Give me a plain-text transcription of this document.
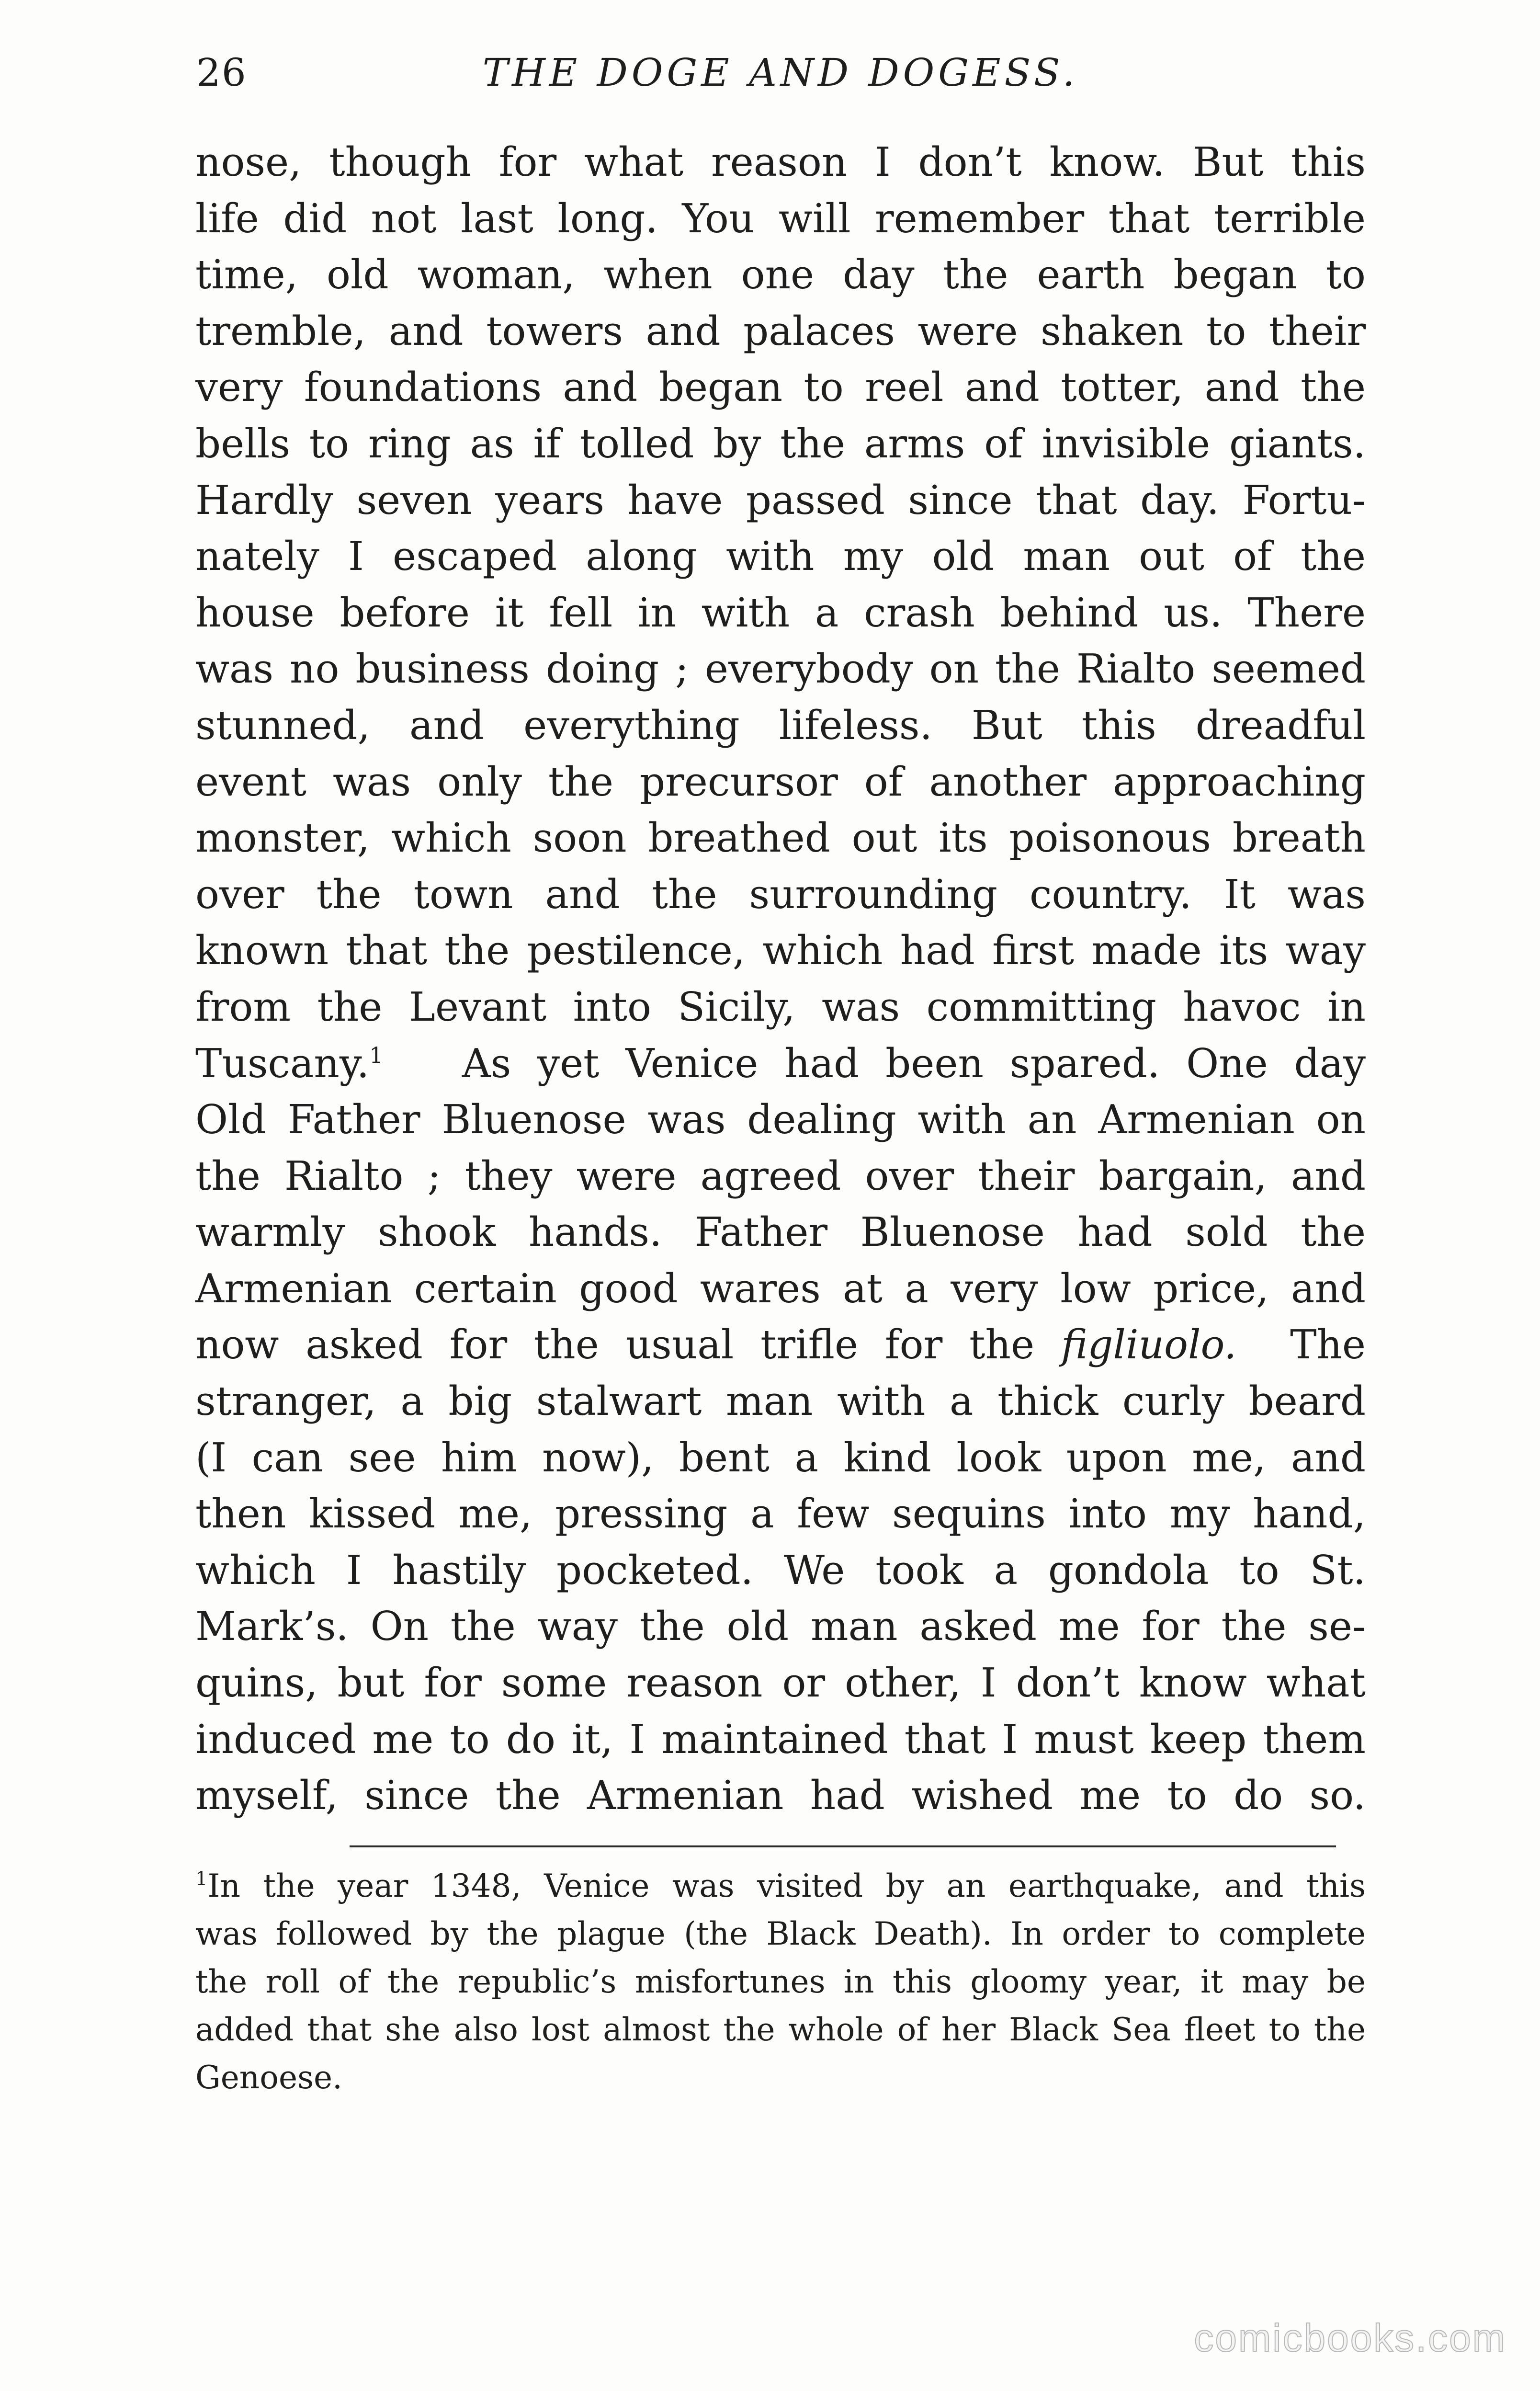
26	THE DOGE AND DOGESS.
nose, though for what reason I don’t know. But this
life did not last long. You will remember that terrible
time, old woman, when one day the earth began to
tremble, and towers and palaces were shaken to their
very foundations and began to reel and totter, and the
bells to ring as if tolled by the arms of invisible giants.
Hardly seven years have passed since that day. Fortu-
nately I escaped along with my old man out of the
house before it fell in with a crash behind us. There
was no business doing ; everybody on the Rialto seemed
stunned, and everything lifeless. But this dreadful
event was only the precursor of another approaching
monster, which soon breathed out its poisonous breath
over the town and the surrounding country. It was
known that the pestilence, which had first made its way
from the Levant into Sicily, was committing havoc in
Tuscany.$^1$ As yet Venice had been spared. One day
Old Father Bluenose was dealing with an Armenian on
the Rialto ; they were agreed over their bargain, and
warmly shook hands. Father Bluenose had sold the
Armenian certain good wares at a very low price, and
now asked for the usual trifle for the figliuolo. The
stranger, a big stalwart man with a thick curly beard
(I can see him now), bent a kind look upon me, and
then kissed me, pressing a few sequins into my hand,
which I hastily pocketed. We took a gondola to St.
Mark’s. On the way the old man asked me for the se-
quins, but for some reason or other, I don’t know what
induced me to do it, I maintained that I must keep them
myself, since the Armenian had wished me to do so.
$^1$In the year 1348, Venice was visited by an earthquake, and this
was followed by the plague (the Black Death). In order to complete
the roll of the republic’s misfortunes in this gloomy year, it may be
added that she also lost almost the whole of her Black Sea fleet to the
Genoese.
comicbooks.com
